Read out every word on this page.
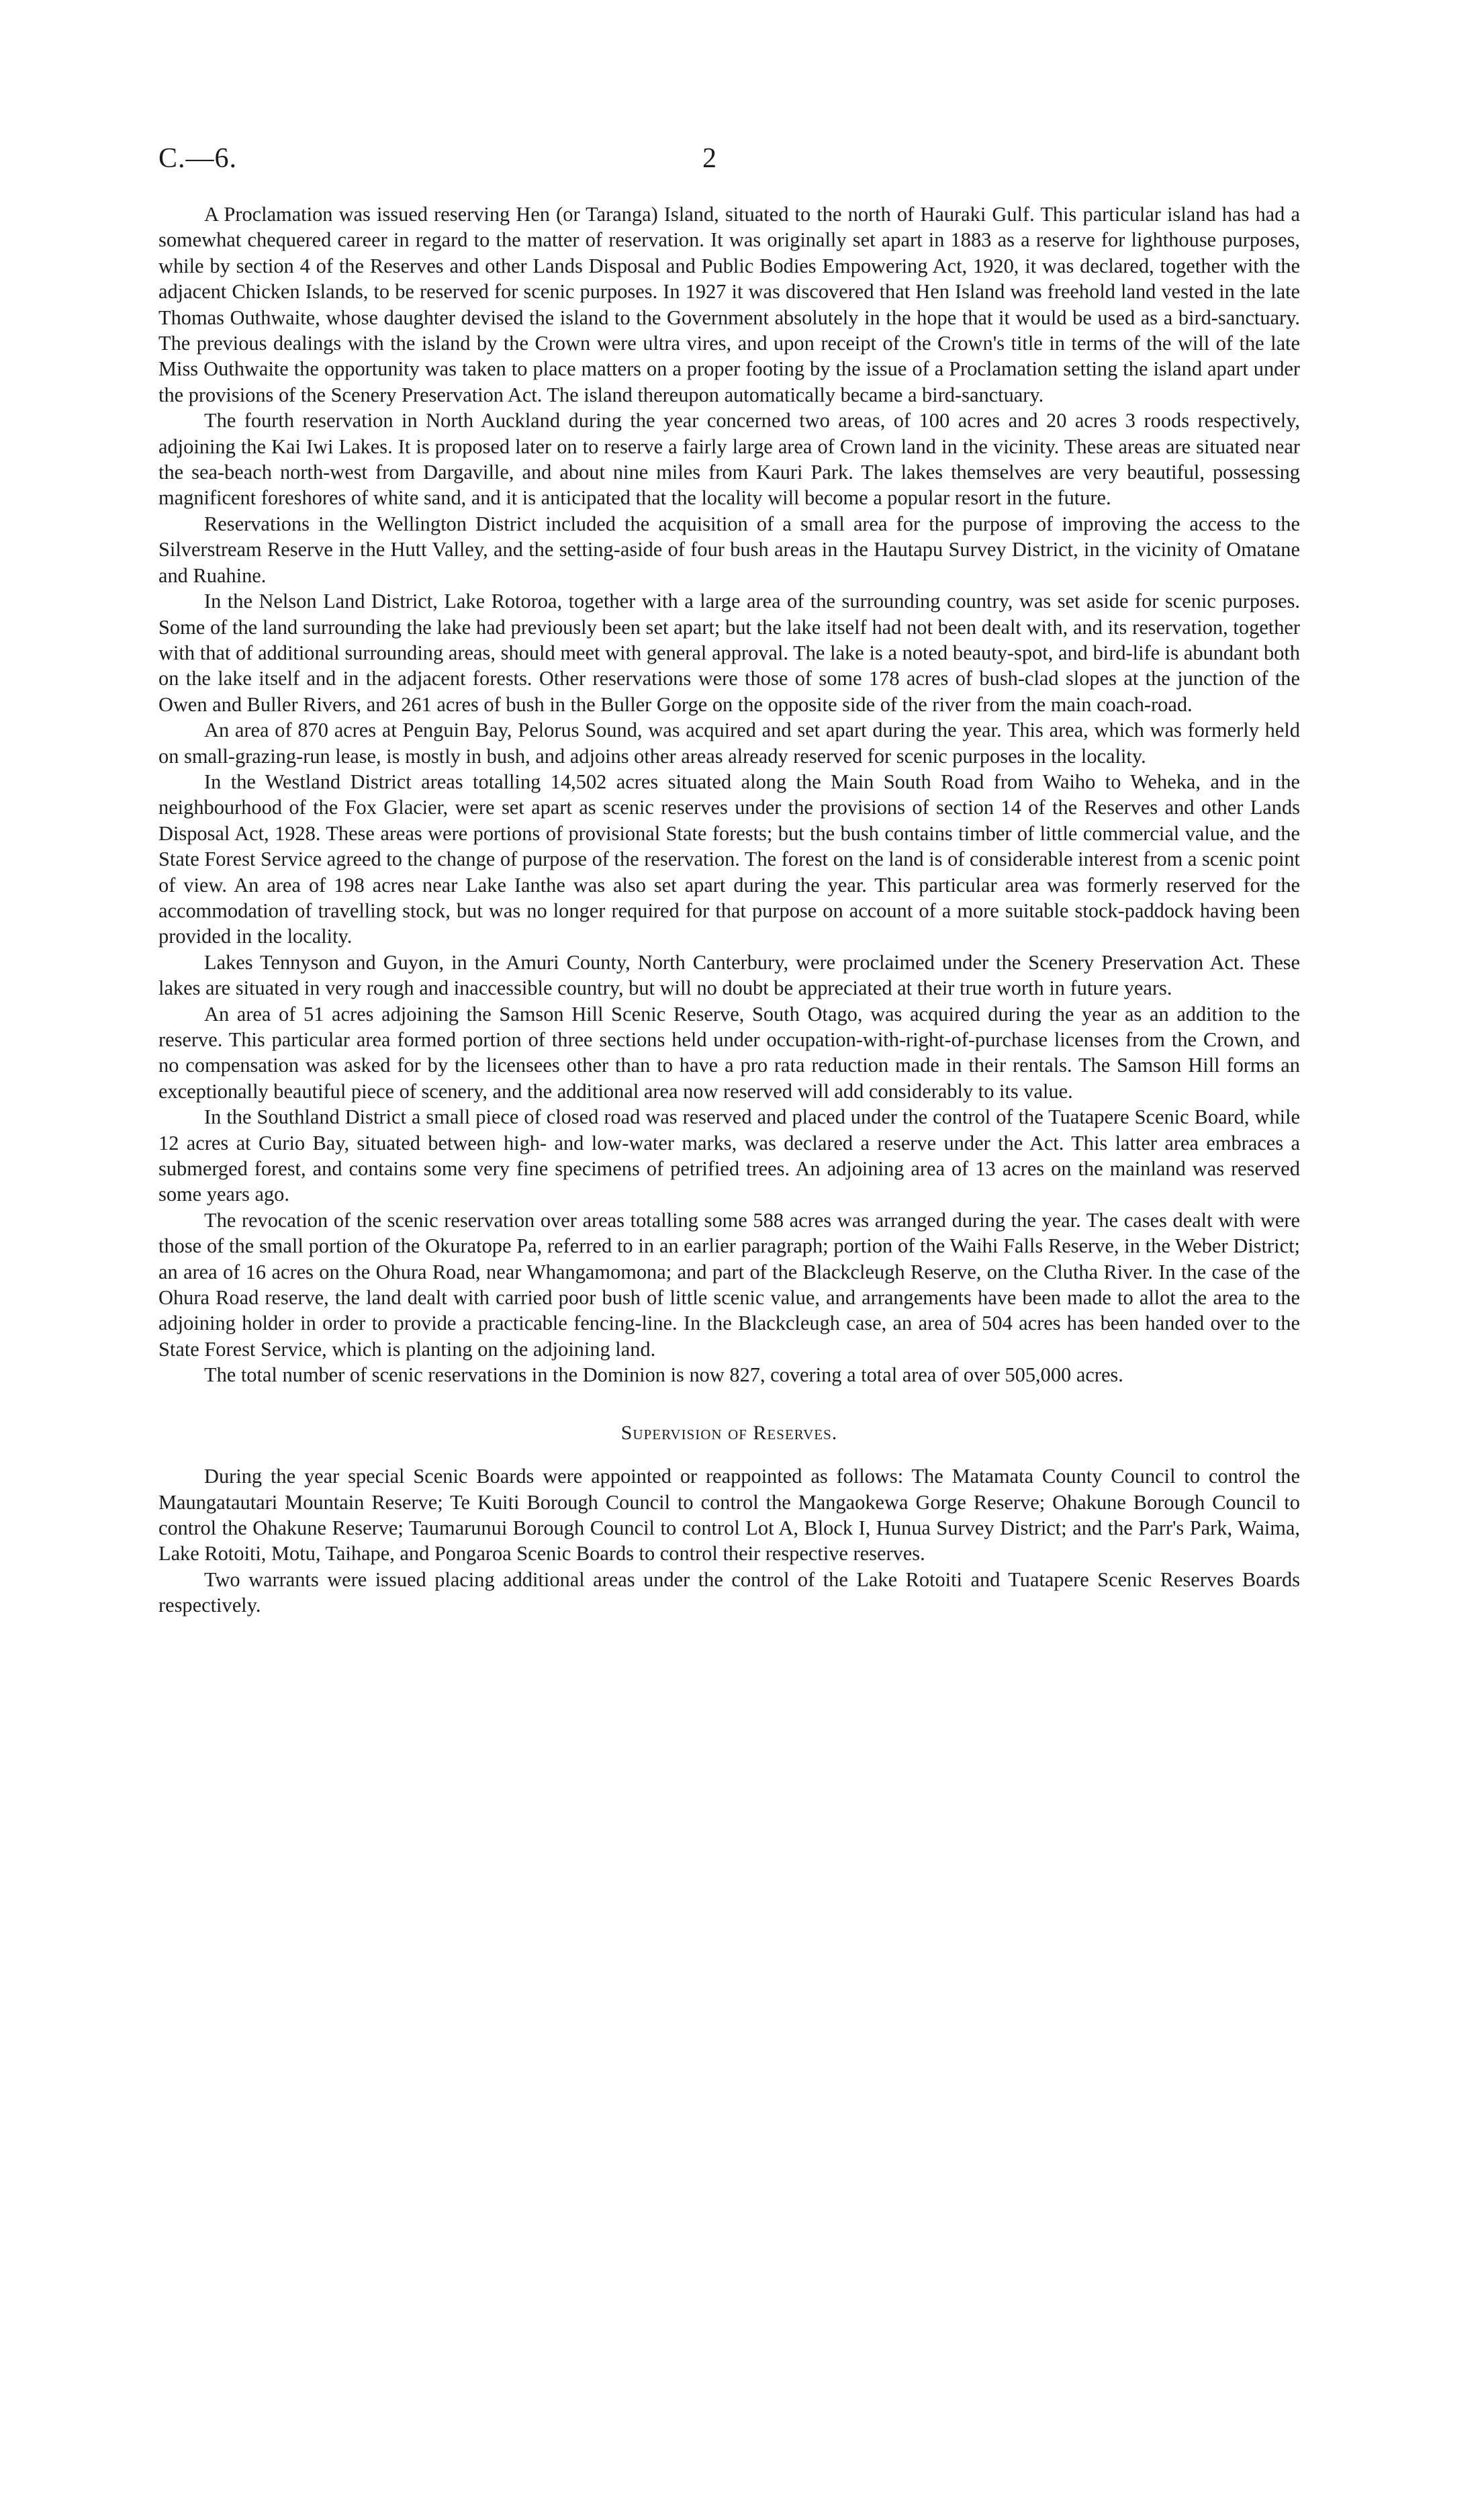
C.—6.	2

A Proclamation was issued reserving Hen (or Taranga) Island, situated to the north of Hauraki Gulf. This particular island has had a somewhat chequered career in regard to the matter of reservation. It was originally set apart in 1883 as a reserve for lighthouse purposes, while by section 4 of the Reserves and other Lands Disposal and Public Bodies Empowering Act, 1920, it was declared, together with the adjacent Chicken Islands, to be reserved for scenic purposes. In 1927 it was discovered that Hen Island was freehold land vested in the late Thomas Outhwaite, whose daughter devised the island to the Government absolutely in the hope that it would be used as a bird-sanctuary. The previous dealings with the island by the Crown were ultra vires, and upon receipt of the Crown's title in terms of the will of the late Miss Outhwaite the opportunity was taken to place matters on a proper footing by the issue of a Proclamation setting the island apart under the provisions of the Scenery Preservation Act. The island thereupon automatically became a bird-sanctuary.

The fourth reservation in North Auckland during the year concerned two areas, of 100 acres and 20 acres 3 roods respectively, adjoining the Kai Iwi Lakes. It is proposed later on to reserve a fairly large area of Crown land in the vicinity. These areas are situated near the sea-beach north-west from Dargaville, and about nine miles from Kauri Park. The lakes themselves are very beautiful, possessing magnificent foreshores of white sand, and it is anticipated that the locality will become a popular resort in the future.

Reservations in the Wellington District included the acquisition of a small area for the purpose of improving the access to the Silverstream Reserve in the Hutt Valley, and the setting-aside of four bush areas in the Hautapu Survey District, in the vicinity of Omatane and Ruahine.

In the Nelson Land District, Lake Rotoroa, together with a large area of the surrounding country, was set aside for scenic purposes. Some of the land surrounding the lake had previously been set apart; but the lake itself had not been dealt with, and its reservation, together with that of additional surrounding areas, should meet with general approval. The lake is a noted beauty-spot, and bird-life is abundant both on the lake itself and in the adjacent forests. Other reservations were those of some 178 acres of bush-clad slopes at the junction of the Owen and Buller Rivers, and 261 acres of bush in the Buller Gorge on the opposite side of the river from the main coach-road.

An area of 870 acres at Penguin Bay, Pelorus Sound, was acquired and set apart during the year. This area, which was formerly held on small-grazing-run lease, is mostly in bush, and adjoins other areas already reserved for scenic purposes in the locality.

In the Westland District areas totalling 14,502 acres situated along the Main South Road from Waiho to Weheka, and in the neighbourhood of the Fox Glacier, were set apart as scenic reserves under the provisions of section 14 of the Reserves and other Lands Disposal Act, 1928. These areas were portions of provisional State forests; but the bush contains timber of little commercial value, and the State Forest Service agreed to the change of purpose of the reservation. The forest on the land is of considerable interest from a scenic point of view. An area of 198 acres near Lake Ianthe was also set apart during the year. This particular area was formerly reserved for the accommodation of travelling stock, but was no longer required for that purpose on account of a more suitable stock-paddock having been provided in the locality.

Lakes Tennyson and Guyon, in the Amuri County, North Canterbury, were proclaimed under the Scenery Preservation Act. These lakes are situated in very rough and inaccessible country, but will no doubt be appreciated at their true worth in future years.

An area of 51 acres adjoining the Samson Hill Scenic Reserve, South Otago, was acquired during the year as an addition to the reserve. This particular area formed portion of three sections held under occupation-with-right-of-purchase licenses from the Crown, and no compensation was asked for by the licensees other than to have a pro rata reduction made in their rentals. The Samson Hill forms an exceptionally beautiful piece of scenery, and the additional area now reserved will add considerably to its value.

In the Southland District a small piece of closed road was reserved and placed under the control of the Tuatapere Scenic Board, while 12 acres at Curio Bay, situated between high- and low-water marks, was declared a reserve under the Act. This latter area embraces a submerged forest, and contains some very fine specimens of petrified trees. An adjoining area of 13 acres on the mainland was reserved some years ago.

The revocation of the scenic reservation over areas totalling some 588 acres was arranged during the year. The cases dealt with were those of the small portion of the Okuratope Pa, referred to in an earlier paragraph; portion of the Waihi Falls Reserve, in the Weber District; an area of 16 acres on the Ohura Road, near Whangamomona; and part of the Blackcleugh Reserve, on the Clutha River. In the case of the Ohura Road reserve, the land dealt with carried poor bush of little scenic value, and arrangements have been made to allot the area to the adjoining holder in order to provide a practicable fencing-line. In the Blackcleugh case, an area of 504 acres has been handed over to the State Forest Service, which is planting on the adjoining land.

The total number of scenic reservations in the Dominion is now 827, covering a total area of over 505,000 acres.

Supervision of Reserves.

During the year special Scenic Boards were appointed or reappointed as follows: The Matamata County Council to control the Maungatautari Mountain Reserve; Te Kuiti Borough Council to control the Mangaokewa Gorge Reserve; Ohakune Borough Council to control the Ohakune Reserve; Taumarunui Borough Council to control Lot A, Block I, Hunua Survey District; and the Parr's Park, Waima, Lake Rotoiti, Motu, Taihape, and Pongaroa Scenic Boards to control their respective reserves.

Two warrants were issued placing additional areas under the control of the Lake Rotoiti and Tuatapere Scenic Reserves Boards respectively.
